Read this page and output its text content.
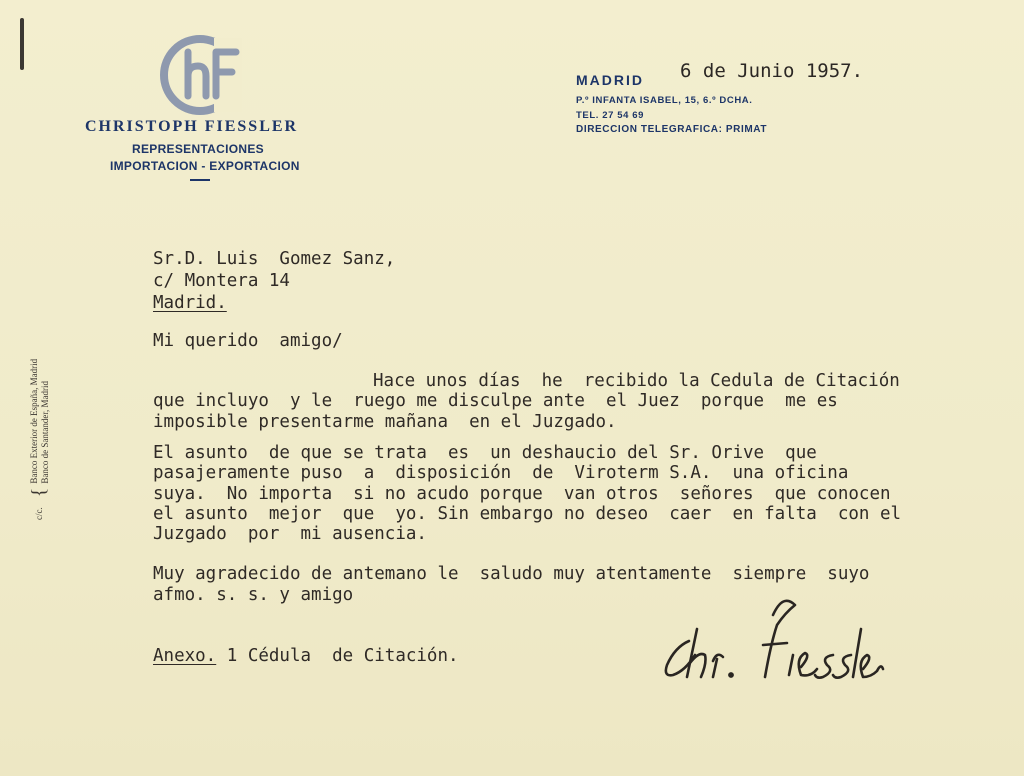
CHRISTOPH FIESSLER
REPRESENTACIONES
IMPORTACION - EXPORTACION
MADRID
P.º INFANTA ISABEL, 15, 6.º DCHA.
TEL. 27 54 69
DIRECCION TELEGRAFICA: PRIMAT
6 de Junio 1957.
Sr.D. Luis  Gomez Sanz,
c/ Montera 14
Madrid.
Mi querido  amigo/
Hace unos días  he  recibido la Cedula de Citación
que incluyo  y le  ruego me disculpe ante  el Juez  porque  me es
imposible presentarme mañana  en el Juzgado.
El asunto  de que se trata  es  un deshaucio del Sr. Orive  que
pasajeramente puso  a  disposición  de  Viroterm S.A.  una oficina
suya.  No importa  si no acudo porque  van otros  señores  que conocen
el asunto  mejor  que  yo. Sin embargo no deseo  caer  en falta  con el
Juzgado  por  mi ausencia.
Muy agradecido de antemano le  saludo muy atentamente  siempre  suyo
afmo. s. s. y amigo
Anexo. 1 Cédula  de Citación.
c/c.{Banco Exterior de España, Madrid
Banco de Santander, Madrid
